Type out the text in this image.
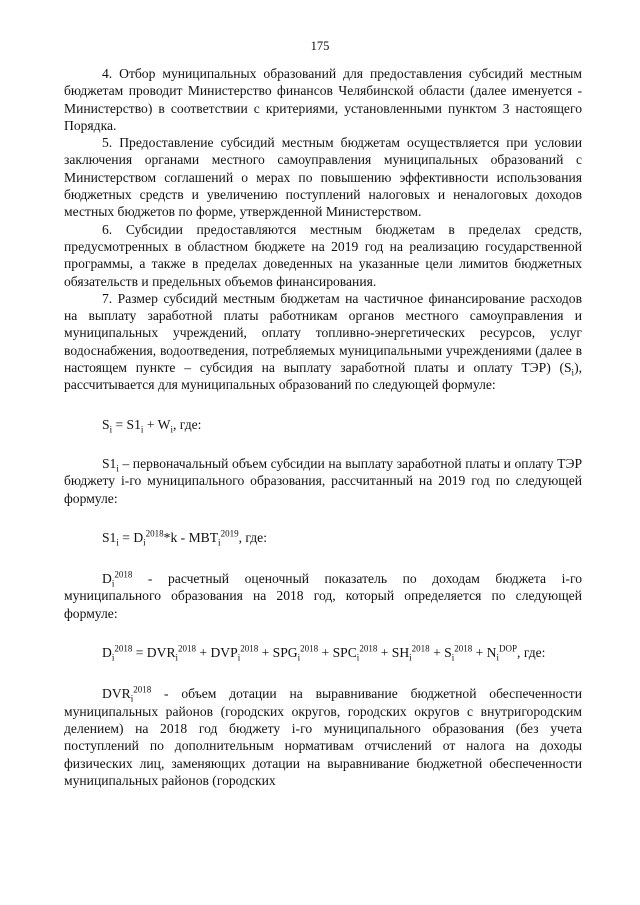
175

4. Отбор муниципальных образований для предоставления субсидий местным бюджетам проводит Министерство финансов Челябинской области (далее именуется - Министерство) в соответствии с критериями, установленными пунктом 3 настоящего Порядка.

5. Предоставление субсидий местным бюджетам осуществляется при условии заключения органами местного самоуправления муниципальных образований с Министерством соглашений о мерах по повышению эффективности использования бюджетных средств и увеличению поступлений налоговых и неналоговых доходов местных бюджетов по форме, утвержденной Министерством.

6. Субсидии предоставляются местным бюджетам в пределах средств, предусмотренных в областном бюджете на 2019 год на реализацию государственной программы, а также в пределах доведенных на указанные цели лимитов бюджетных обязательств и предельных объемов финансирования.

7. Размер субсидий местным бюджетам на частичное финансирование расходов на выплату заработной платы работникам органов местного самоуправления и муниципальных учреждений, оплату топливно-энергетических ресурсов, услуг водоснабжения, водоотведения, потребляемых муниципальными учреждениями (далее в настоящем пункте – субсидия на выплату заработной платы и оплату ТЭР) $(S_i)$, рассчитывается для муниципальных образований по следующей формуле:

$S_i = S1_i + W_i$, где:

$S1_i$ – первоначальный объем субсидии на выплату заработной платы и оплату ТЭР бюджету i-го муниципального образования, рассчитанный на 2019 год по следующей формуле:

$S1_i = D_i^{2018}*k - MBT_i^{2019}$, где:

$D_i^{2018}$ - расчетный оценочный показатель по доходам бюджета i-го муниципального образования на 2018 год, который определяется по следующей формуле:

$D_i^{2018} = DVR_i^{2018} + DVP_i^{2018} + SPG_i^{2018} + SPC_i^{2018} + SH_i^{2018} + S_i^{2018} + N_i^{DOP}$, где:

$DVR_i^{2018}$ - объем дотации на выравнивание бюджетной обеспеченности муниципальных районов (городских округов, городских округов с внутригородским делением) на 2018 год бюджету i-го муниципального образования (без учета поступлений по дополнительным нормативам отчислений от налога на доходы физических лиц, заменяющих дотации на выравнивание бюджетной обеспеченности муниципальных районов (городских
